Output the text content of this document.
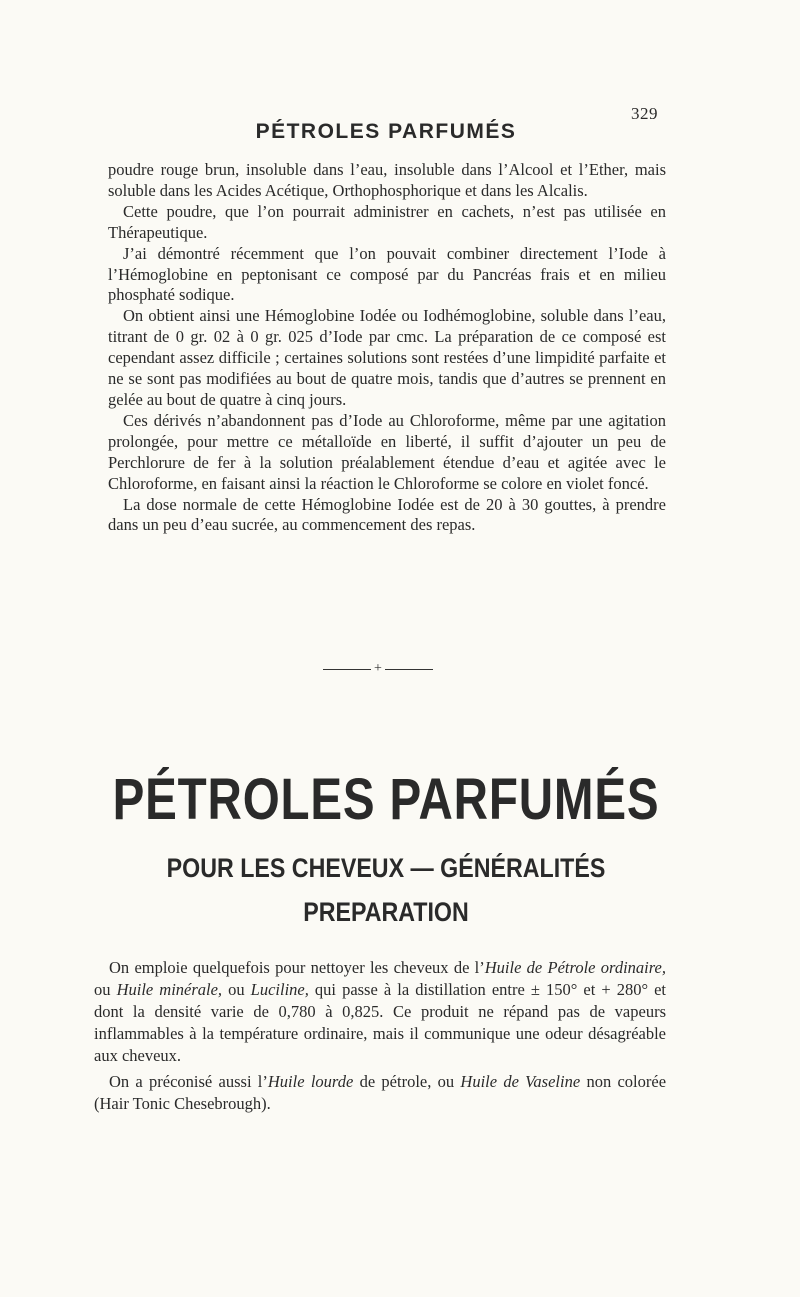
329
PÉTROLES PARFUMÉS

poudre rouge brun, insoluble dans l’eau, insoluble dans l’Alcool et l’Ether, mais soluble dans les Acides Acétique, Orthophosphorique et dans les Alcalis.

Cette poudre, que l’on pourrait administrer en cachets, n’est pas utilisée en Thérapeutique.

J’ai démontré récemment que l’on pouvait combiner directement l’Iode à l’Hémoglobine en peptonisant ce composé par du Pancréas frais et en milieu phosphaté sodique.

On obtient ainsi une Hémoglobine Iodée ou Iodhémoglobine, soluble dans l’eau, titrant de 0 gr. 02 à 0 gr. 025 d’Iode par cmc. La préparation de ce composé est cependant assez difficile ; certaines solutions sont restées d’une limpidité parfaite et ne se sont pas modifiées au bout de quatre mois, tandis que d’autres se prennent en gelée au bout de quatre à cinq jours.

Ces dérivés n’abandonnent pas d’Iode au Chloroforme, même par une agitation prolongée, pour mettre ce métalloïde en liberté, il suffit d’ajouter un peu de Perchlorure de fer à la solution préalablement étendue d’eau et agitée avec le Chloroforme, en faisant ainsi la réaction le Chloroforme se colore en violet foncé.

La dose normale de cette Hémoglobine Iodée est de 20 à 30 gouttes, à prendre dans un peu d’eau sucrée, au commencement des repas.

+
PÉTROLES PARFUMÉS
POUR LES CHEVEUX — GÉNÉRALITÉS
PREPARATION

On emploie quelquefois pour nettoyer les cheveux de l’Huile de Pétrole ordinaire, ou Huile minérale, ou Luciline, qui passe à la distillation entre ± 150° et + 280° et dont la densité varie de 0,780 à 0,825. Ce produit ne répand pas de vapeurs inflammables à la température ordinaire, mais il communique une odeur désagréable aux cheveux.

On a préconisé aussi l’Huile lourde de pétrole, ou Huile de Vaseline non colorée (Hair Tonic Chesebrough).
